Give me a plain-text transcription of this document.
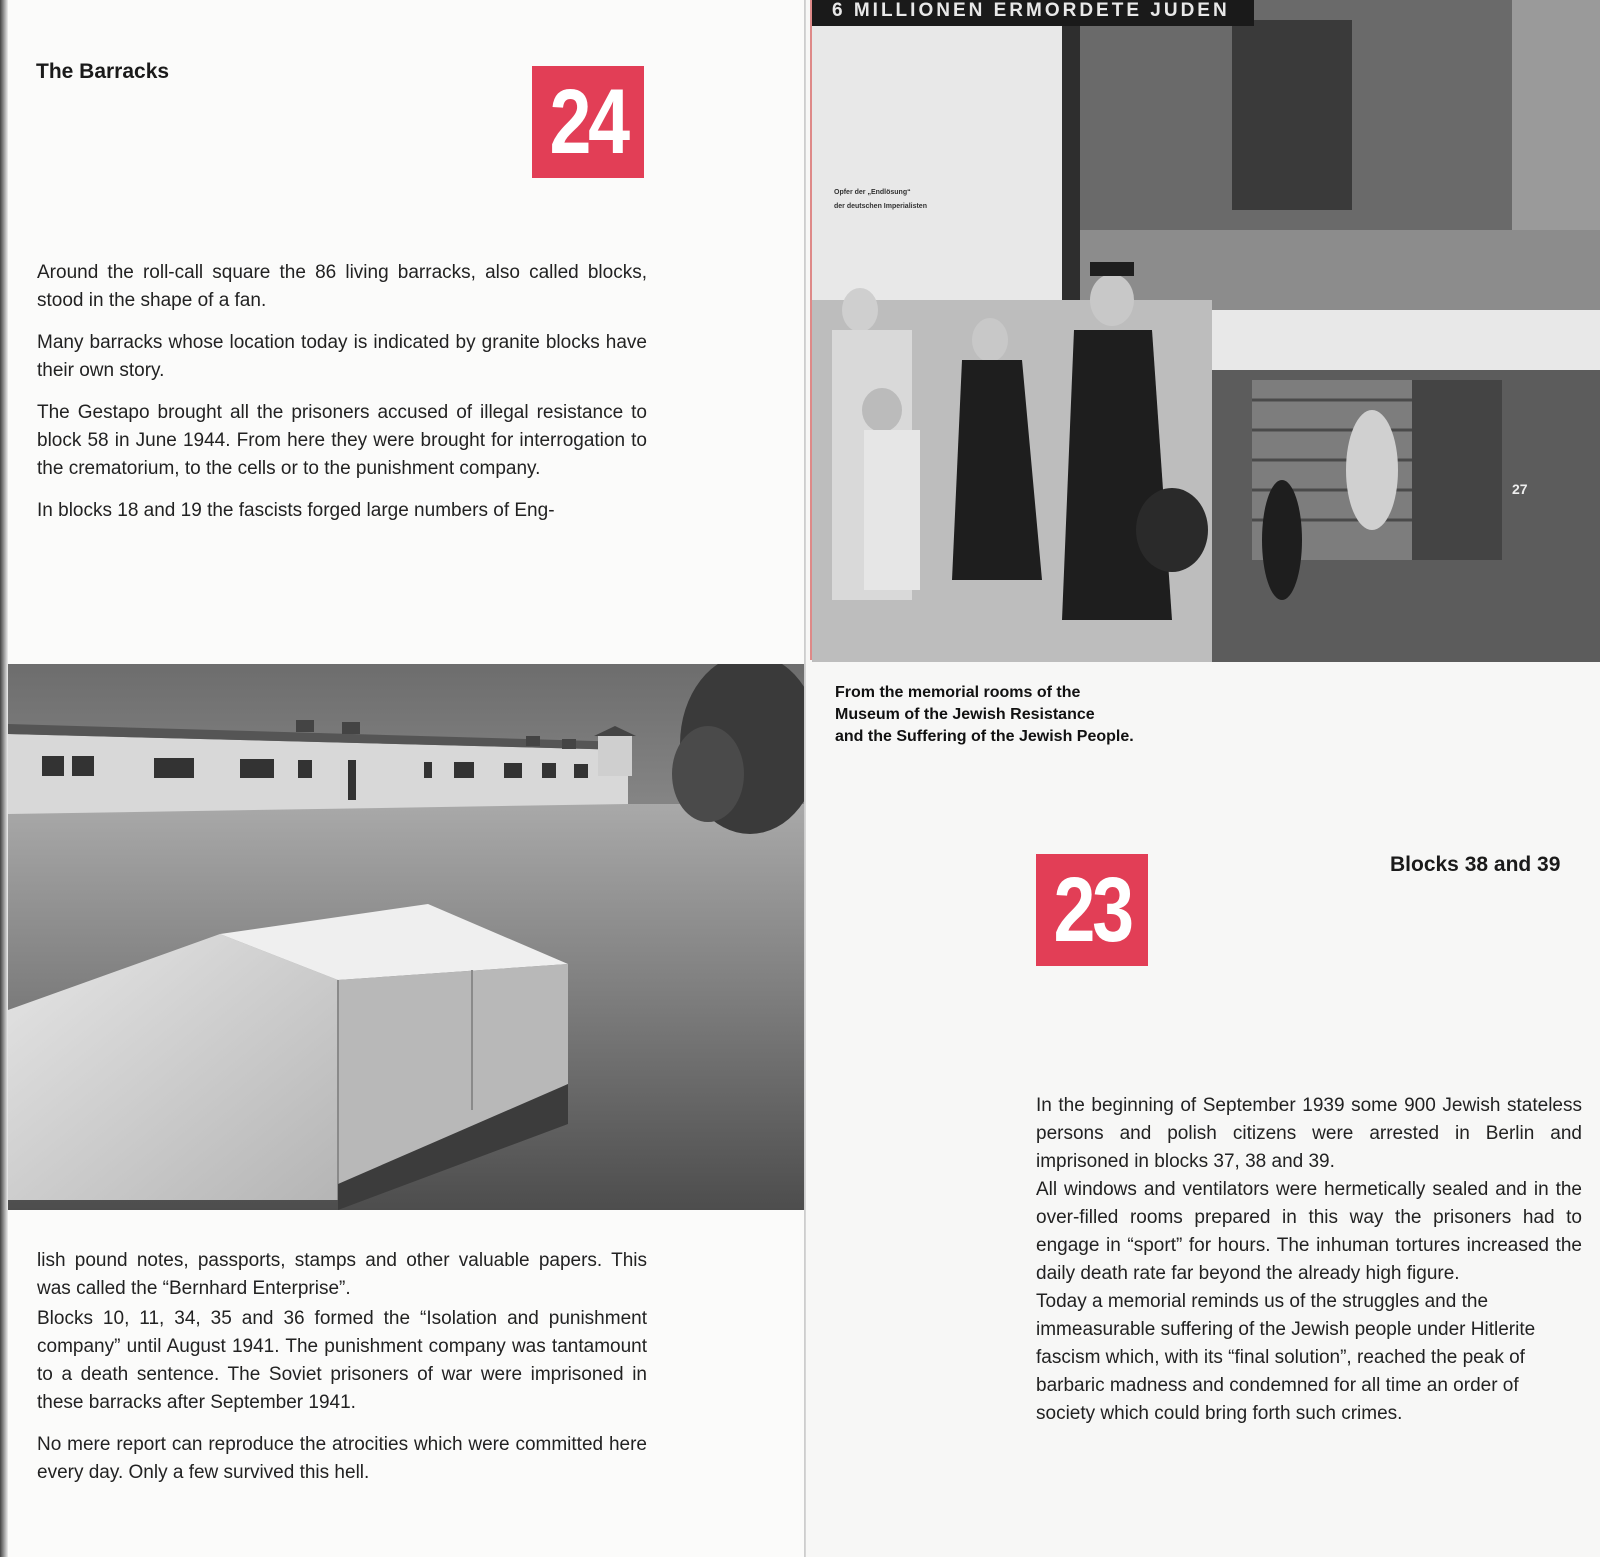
The Barracks	24

Around the roll-call square the 86 living barracks, also called blocks, stood in the shape of a fan.

Many barracks whose location today is indicated by granite blocks have their own story.

The Gestapo brought all the prisoners accused of illegal resistance to block 58 in June 1944. From here they were brought for interrogation to the crematorium, to the cells or to the punishment company.

In blocks 18 and 19 the fascists forged large numbers of Eng-

lish pound notes, passports, stamps and other valuable papers. This was called the “Bernhard Enterprise”.

Blocks 10, 11, 34, 35 and 36 formed the “Isolation and punishment company” until August 1941. The punishment company was tantamount to a death sentence. The Soviet prisoners of war were imprisoned in these barracks after September 1941.

No mere report can reproduce the atrocities which were committed here every day. Only a few survived this hell.

27
6 MILLIONEN ERMORDETE JUDEN
Opfer der „Endlösung“
der deutschen Imperialisten
From the memorial rooms of the
Museum of the Jewish Resistance
and the Suffering of the Jewish People.
23	Blocks 38 and 39

In the beginning of September 1939 some 900 Jewish stateless persons and polish citizens were arrested in Berlin and imprisoned in blocks 37, 38 and 39.

All windows and ventilators were hermetically sealed and in the over-filled rooms prepared in this way the prisoners had to engage in “sport” for hours. The inhuman tortures increased the daily death rate far beyond the already high figure.

Today a memorial reminds us of the struggles and the immeasurable suffering of the Jewish people under Hitlerite fascism which, with its “final solution”, reached the peak of barbaric madness and condemned for all time an order of society which could bring forth such crimes.
